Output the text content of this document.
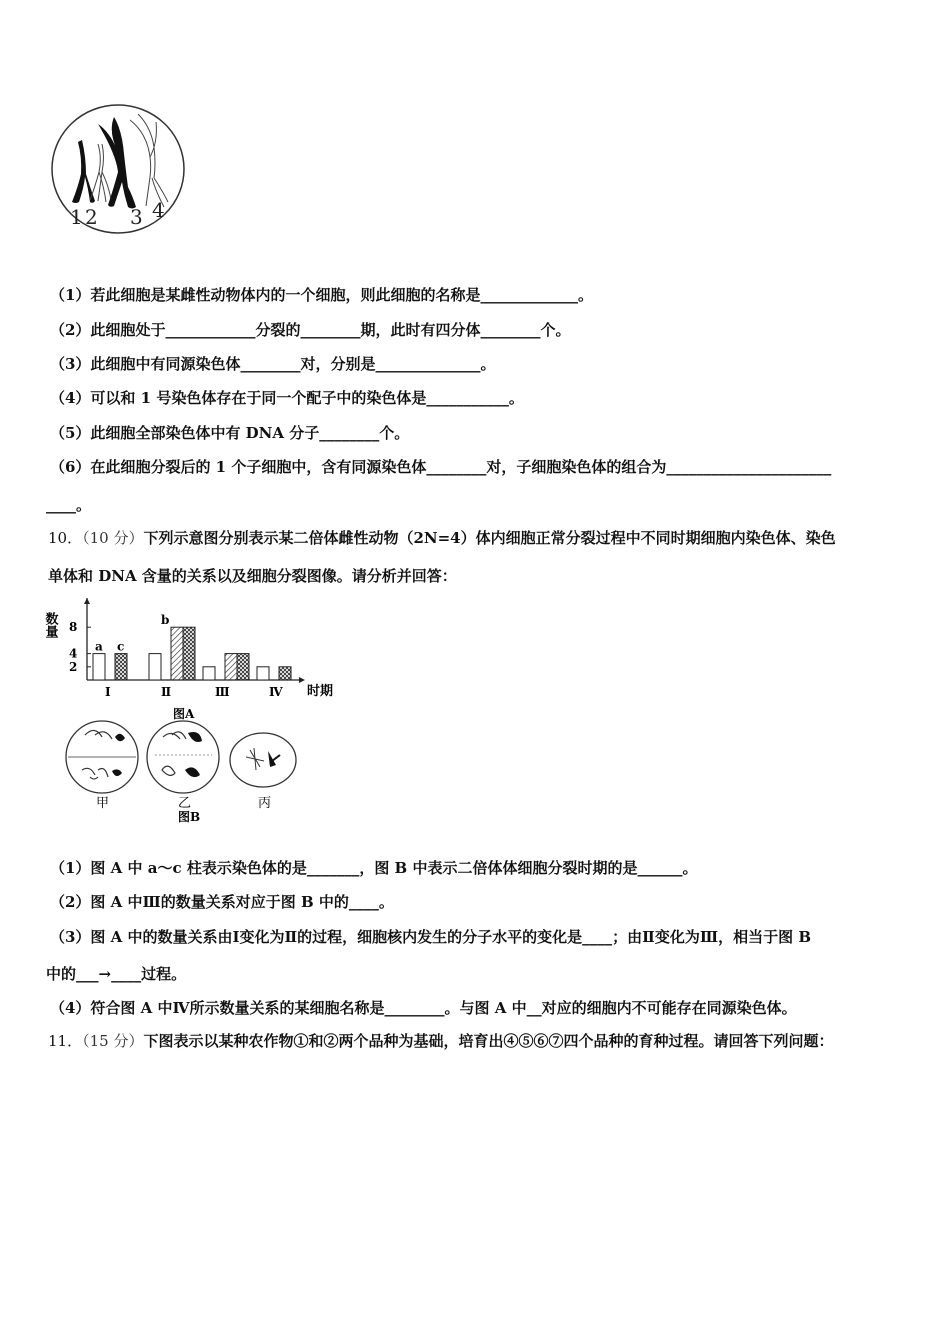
1 2 3 4
（1）若此细胞是某雌性动物体内的一个细胞，则此细胞的名称是_____________。
（2）此细胞处于____________分裂的________期，此时有四分体________个。
（3）此细胞中有同源染色体________对，分别是______________。
（4）可以和 1 号染色体存在于同一个配子中的染色体是___________。
（5）此细胞全部染色体中有 DNA 分子________个。
（6）在此细胞分裂后的 1 个子细胞中，含有同源染色体________对，子细胞染色体的组合为______________________
____。
10．（10 分）下列示意图分别表示某二倍体雌性动物（2N=4）体内细胞正常分裂过程中不同时期细胞内染色体、染色
单体和 DNA 含量的关系以及细胞分裂图像。请分析并回答：
数量
时期
图A
2
4
8
Ⅰ	Ⅱ	Ⅲ	Ⅳ
a c
b
甲	乙	丙
图B
（1）图 A 中 a～c 柱表示染色体的是_______，图 B 中表示二倍体体细胞分裂时期的是______。
（2）图 A 中Ⅲ的数量关系对应于图 B 中的____。
（3）图 A 中的数量关系由Ⅰ变化为Ⅱ的过程，细胞核内发生的分子水平的变化是____；由Ⅱ变化为Ⅲ，相当于图 B
中的___→____过程。
（4）符合图 A 中Ⅳ所示数量关系的某细胞名称是________。与图 A 中__对应的细胞内不可能存在同源染色体。
11．（15 分）下图表示以某种农作物①和②两个品种为基础，培育出④⑤⑥⑦四个品种的育种过程。请回答下列问题：
